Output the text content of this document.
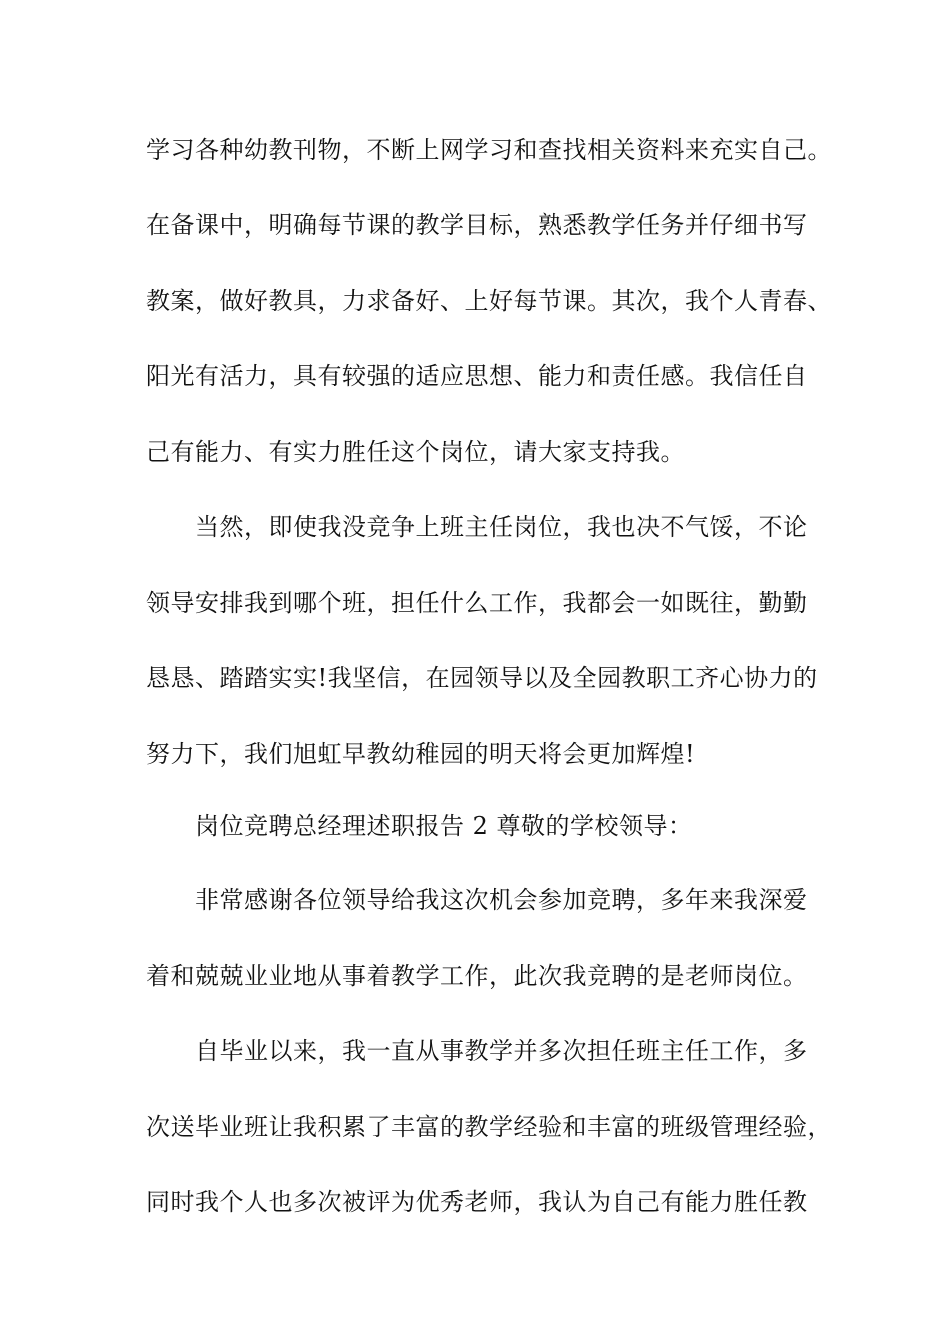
学习各种幼教刊物，不断上网学习和查找相关资料来充实自己。
在备课中，明确每节课的教学目标，熟悉教学任务并仔细书写
教案，做好教具，力求备好、上好每节课。其次，我个人青春、
阳光有活力，具有较强的适应思想、能力和责任感。我信任自
己有能力、有实力胜任这个岗位，请大家支持我。
当然，即使我没竞争上班主任岗位，我也决不气馁，不论
领导安排我到哪个班，担任什么工作，我都会一如既往，勤勤
恳恳、踏踏实实!我坚信，在园领导以及全园教职工齐心协力的
努力下，我们旭虹早教幼稚园的明天将会更加辉煌!
岗位竞聘总经理述职报告 2 尊敬的学校领导：
非常感谢各位领导给我这次机会参加竞聘，多年来我深爱
着和兢兢业业地从事着教学工作，此次我竞聘的是老师岗位。
自毕业以来，我一直从事教学并多次担任班主任工作，多
次送毕业班让我积累了丰富的教学经验和丰富的班级管理经验，
同时我个人也多次被评为优秀老师，我认为自己有能力胜任教
